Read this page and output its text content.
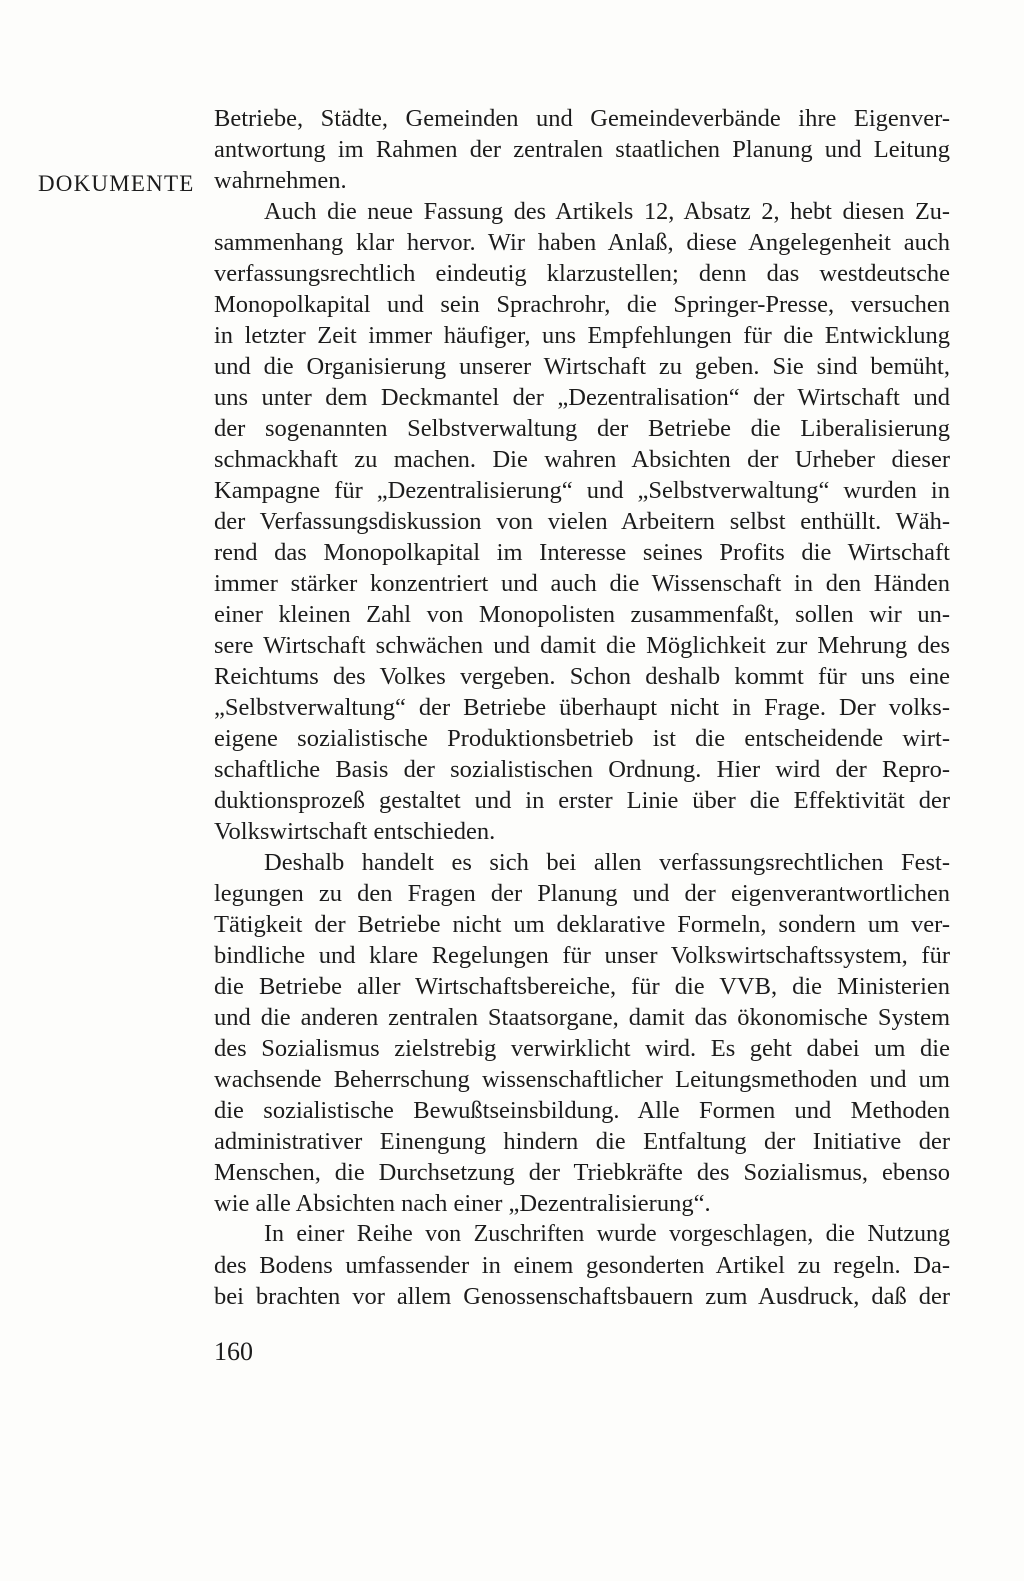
DOKUMENTE
Betriebe, Städte, Gemeinden und Gemeindeverbände ihre Eigenver-
antwortung im Rahmen der zentralen staatlichen Planung und Leitung
wahrnehmen.
Auch die neue Fassung des Artikels 12, Absatz 2, hebt diesen Zu-
sammenhang klar hervor. Wir haben Anlaß, diese Angelegenheit auch
verfassungsrechtlich eindeutig klarzustellen; denn das westdeutsche
Monopolkapital und sein Sprachrohr, die Springer-Presse, versuchen
in letzter Zeit immer häufiger, uns Empfehlungen für die Entwicklung
und die Organisierung unserer Wirtschaft zu geben. Sie sind bemüht,
uns unter dem Deckmantel der „Dezentralisation“ der Wirtschaft und
der sogenannten Selbstverwaltung der Betriebe die Liberalisierung
schmackhaft zu machen. Die wahren Absichten der Urheber dieser
Kampagne für „Dezentralisierung“ und „Selbstverwaltung“ wurden in
der Verfassungsdiskussion von vielen Arbeitern selbst enthüllt. Wäh-
rend das Monopolkapital im Interesse seines Profits die Wirtschaft
immer stärker konzentriert und auch die Wissenschaft in den Händen
einer kleinen Zahl von Monopolisten zusammenfaßt, sollen wir un-
sere Wirtschaft schwächen und damit die Möglichkeit zur Mehrung des
Reichtums des Volkes vergeben. Schon deshalb kommt für uns eine
„Selbstverwaltung“ der Betriebe überhaupt nicht in Frage. Der volks-
eigene sozialistische Produktionsbetrieb ist die entscheidende wirt-
schaftliche Basis der sozialistischen Ordnung. Hier wird der Repro-
duktionsprozeß gestaltet und in erster Linie über die Effektivität der
Volkswirtschaft entschieden.
Deshalb handelt es sich bei allen verfassungsrechtlichen Fest-
legungen zu den Fragen der Planung und der eigenverantwortlichen
Tätigkeit der Betriebe nicht um deklarative Formeln, sondern um ver-
bindliche und klare Regelungen für unser Volkswirtschaftssystem, für
die Betriebe aller Wirtschaftsbereiche, für die VVB, die Ministerien
und die anderen zentralen Staatsorgane, damit das ökonomische System
des Sozialismus zielstrebig verwirklicht wird. Es geht dabei um die
wachsende Beherrschung wissenschaftlicher Leitungsmethoden und um
die sozialistische Bewußtseinsbildung. Alle Formen und Methoden
administrativer Einengung hindern die Entfaltung der Initiative der
Menschen, die Durchsetzung der Triebkräfte des Sozialismus, ebenso
wie alle Absichten nach einer „Dezentralisierung“.
In einer Reihe von Zuschriften wurde vorgeschlagen, die Nutzung
des Bodens umfassender in einem gesonderten Artikel zu regeln. Da-
bei brachten vor allem Genossenschaftsbauern zum Ausdruck, daß der
160
